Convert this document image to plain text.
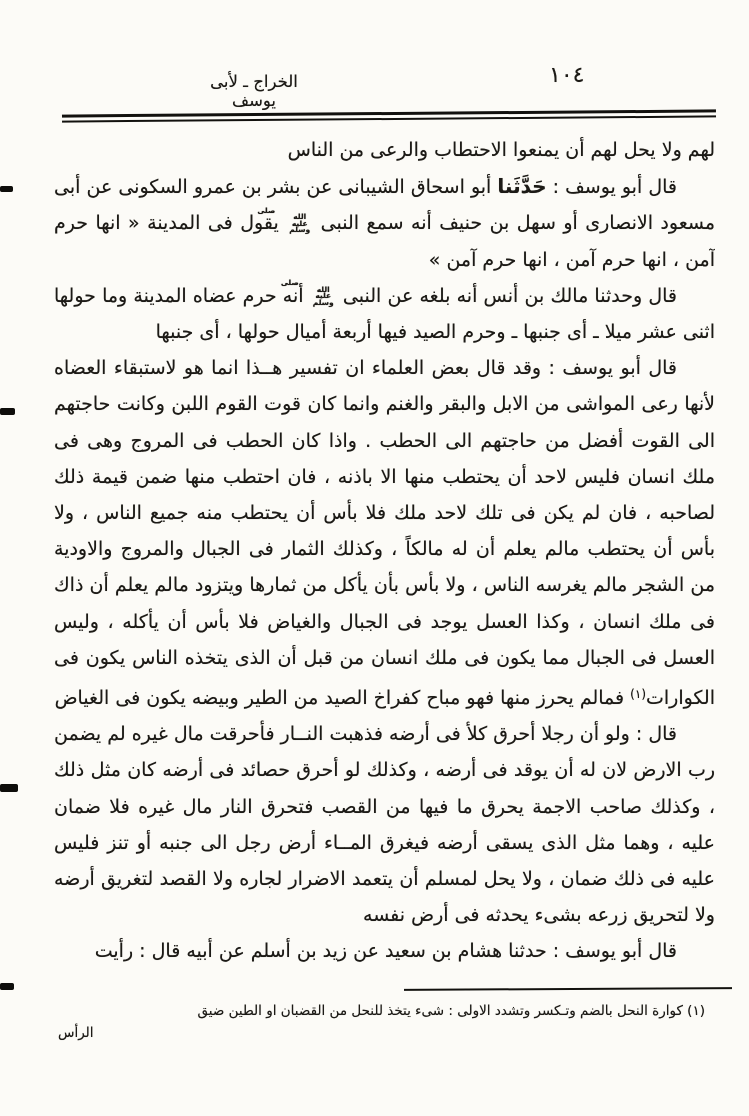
١٠٤
الخراج ـ لأبى يوسف

لهم ولا يحل لهم أن يمنعوا الاحتطاب والرعى من الناس

قال أبو يوسف : حَدَّثَنا أبو اسحاق الشيبانى عن بشر بن عمرو السكونى عن أبى مسعود الانصارى أو سهل بن حنيف أنه سمع النبى صلى الله عليه وسلم يقول فى المدينة « انها حرم آمن ، انها حرم آمن ، انها حرم آمن »

قال وحدثنا مالك بن أنس أنه بلغه عن النبى صلى الله عليه وسلم أنه حرم عضاه المدينة وما حولها اثنى عشر ميلا ـ أى جنبها ـ وحرم الصيد فيها أربعة أميال حولها ، أى جنبها

قال أبو يوسف : وقد قال بعض العلماء ان تفسير هــذا انما هو لاستبقاء العضاه لأنها رعى المواشى من الابل والبقر والغنم وانما كان قوت القوم اللبن وكانت حاجتهم الى القوت أفضل من حاجتهم الى الحطب . واذا كان الحطب فى المروج وهى فى ملك انسان فليس لاحد أن يحتطب منها الا باذنه ، فان احتطب منها ضمن قيمة ذلك لصاحبه ، فان لم يكن فى تلك لاحد ملك فلا بأس أن يحتطب منه جميع الناس ، ولا بأس أن يحتطب مالم يعلم أن له مالكاً ، وكذلك الثمار فى الجبال والمروج والاودية من الشجر مالم يغرسه الناس ، ولا بأس بأن يأكل من ثمارها ويتزود مالم يعلم أن ذاك فى ملك انسان ، وكذا العسل يوجد فى الجبال والغياض فلا بأس أن يأكله ، وليس العسل فى الجبال مما يكون فى ملك انسان من قبل أن الذى يتخذه الناس يكون فى الكوارات$^{(١)}$ فمالم يحرز منها فهو مباح كفراخ الصيد من الطير وبيضه يكون فى الغياض

قال : ولو أن رجلا أحرق كلأ فى أرضه فذهبت النــار فأحرقت مال غيره لم يضمن رب الارض لان له أن يوقد فى أرضه ، وكذلك لو أحرق حصائد فى أرضه كان مثل ذلك ، وكذلك صاحب الاجمة يحرق ما فيها من القصب فتحرق النار مال غيره فلا ضمان عليه ، وهما مثل الذى يسقى أرضه فيغرق المــاء أرض رجل الى جنبه أو تنز فليس عليه فى ذلك ضمان ، ولا يحل لمسلم أن يتعمد الاضرار لجاره ولا القصد لتغريق أرضه ولا لتحريق زرعه بشىء يحدثه فى أرض نفسه

قال أبو يوسف : حدثنا هشام بن سعيد عن زيد بن أسلم عن أبيه قال : رأيت

(١) كوارة النحل بالضم وتـكسر وتشدد الاولى : شىء يتخذ للنحل من القضبان او الطين ضيق
الرأس
